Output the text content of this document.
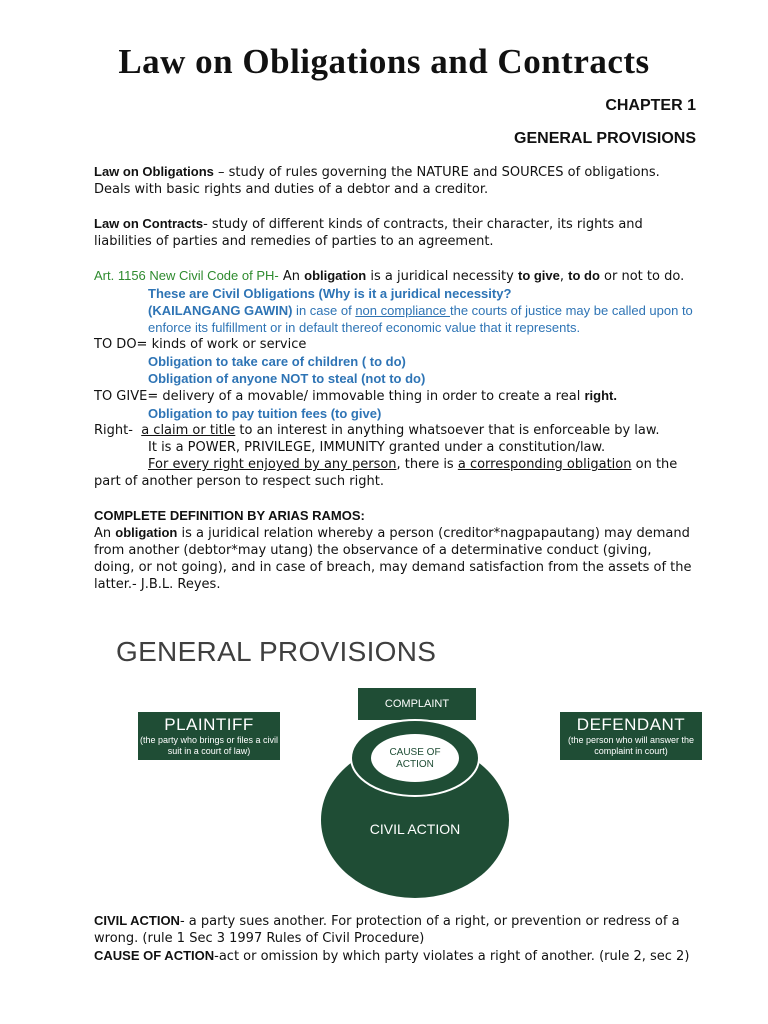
Law on Obligations and Contracts
CHAPTER 1
GENERAL PROVISIONS

Law on Obligations – study of rules governing the NATURE and SOURCES of obligations.
Deals with basic rights and duties of a debtor and a creditor.

Law on Contracts- study of different kinds of contracts, their character, its rights and liabilities of parties and remedies of parties to an agreement.

Art. 1156 New Civil Code of PH- An obligation is a juridical necessity to give, to do or not to do.

These are Civil Obligations (Why is it a juridical necessity?
(KAILANGANG GAWIN) in case of non compliance the courts of justice may be called upon to enforce its fulfillment or in default thereof economic value that it represents.

TO DO= kinds of work or service

Obligation to take care of children ( to do)

Obligation of anyone NOT to steal (not to do)

TO GIVE= delivery of a movable/ immovable thing in order to create a real right.

Obligation to pay tuition fees (to give)

Right- a claim or title to an interest in anything whatsoever that is enforceable by law.

It is a POWER, PRIVILEGE, IMMUNITY granted under a constitution/law.

For every right enjoyed by any person, there is a corresponding obligation on the part of another person to respect such right.

COMPLETE DEFINITION BY ARIAS RAMOS:

An obligation is a juridical relation whereby a person (creditor*nagpapautang) may demand from another (debtor*may utang) the observance of a determinative conduct (giving, doing, or not going), and in case of breach, may demand satisfaction from the assets of the latter.- J.B.L. Reyes.

GENERAL PROVISIONS
COMPLAINT
PLAINTIFF
(the party who brings or files a civil suit in a court of law)
DEFENDANT
(the person who will answer the complaint in court)
CAUSE OF
ACTION
CIVIL ACTION

CIVIL ACTION- a party sues another. For protection of a right, or prevention or redress of a wrong. (rule 1 Sec 3 1997 Rules of Civil Procedure)

CAUSE OF ACTION-act or omission by which party violates a right of another. (rule 2, sec 2)
